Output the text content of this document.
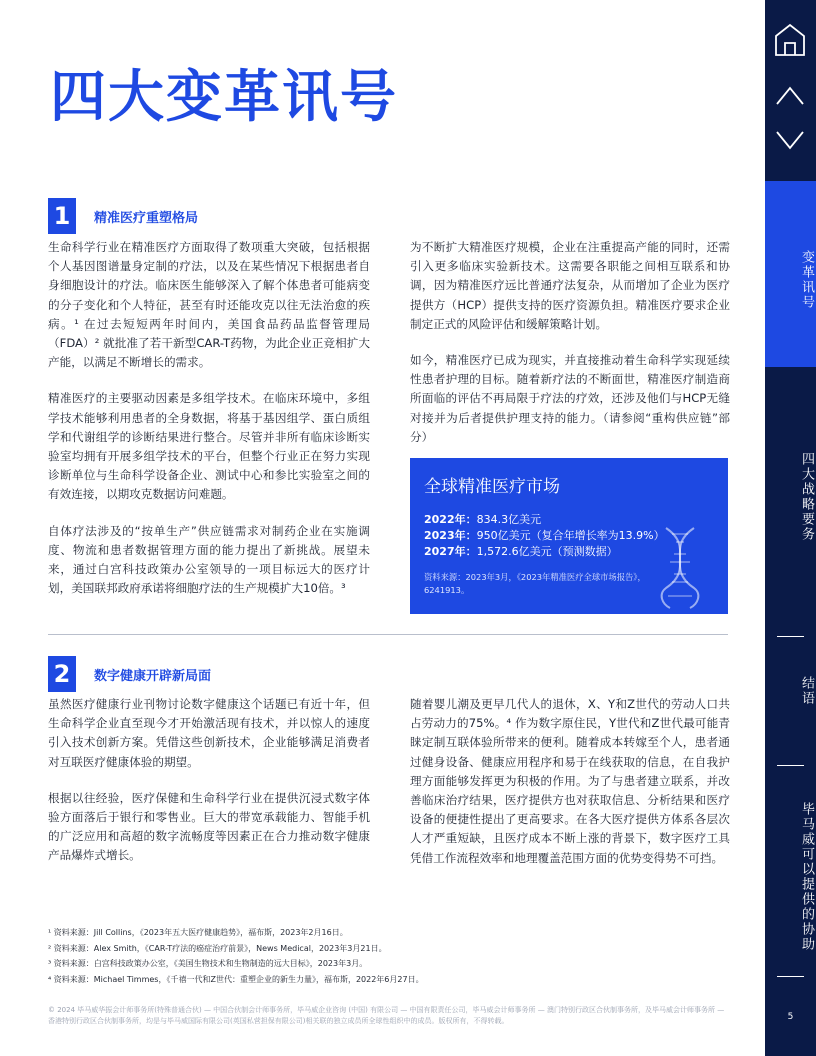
四大变革讯号
1	精准医疗重塑格局

生命科学行业在精准医疗方面取得了数项重大突破，包括根据个人基因图谱量身定制的疗法，以及在某些情况下根据患者自身细胞设计的疗法。临床医生能够深入了解个体患者可能病变的分子变化和个人特征，甚至有时还能攻克以往无法治愈的疾病。¹ 在过去短短两年时间内，美国食品药品监督管理局（FDA）² 就批准了若干新型CAR-T药物，为此企业正竞相扩大产能，以满足不断增长的需求。

精准医疗的主要驱动因素是多组学技术。在临床环境中，多组学技术能够利用患者的全身数据，将基于基因组学、蛋白质组学和代谢组学的诊断结果进行整合。尽管并非所有临床诊断实验室均拥有开展多组学技术的平台，但整个行业正在努力实现诊断单位与生命科学设备企业、测试中心和参比实验室之间的有效连接，以期攻克数据访问难题。

自体疗法涉及的“按单生产”供应链需求对制药企业在实施调度、物流和患者数据管理方面的能力提出了新挑战。展望未来，通过白宫科技政策办公室领导的一项目标远大的医疗计划，美国联邦政府承诺将细胞疗法的生产规模扩大10倍。³

为不断扩大精准医疗规模，企业在注重提高产能的同时，还需引入更多临床实验新技术。这需要各职能之间相互联系和协调，因为精准医疗远比普通疗法复杂，从而增加了企业为医疗提供方（HCP）提供支持的医疗资源负担。精准医疗要求企业制定正式的风险评估和缓解策略计划。

如今，精准医疗已成为现实，并直接推动着生命科学实现延续性患者护理的目标。随着新疗法的不断面世，精准医疗制造商所面临的评估不再局限于疗法的疗效，还涉及他们与HCP无缝对接并为后者提供护理支持的能力。（请参阅“重构供应链”部分）

全球精准医疗市场
2022年：834.3亿美元
2023年：950亿美元（复合年增长率为13.9%）
2027年：1,572.6亿美元（预测数据）
资料来源：2023年3月，《2023年精准医疗全球市场报告》，6241913。
2	数字健康开辟新局面

虽然医疗健康行业刊物讨论数字健康这个话题已有近十年，但生命科学企业直至现今才开始激活现有技术，并以惊人的速度引入技术创新方案。凭借这些创新技术，企业能够满足消费者对互联医疗健康体验的期望。

根据以往经验，医疗保健和生命科学行业在提供沉浸式数字体验方面落后于银行和零售业。巨大的带宽承载能力、智能手机的广泛应用和高超的数字流畅度等因素正在合力推动数字健康产品爆炸式增长。

随着婴儿潮及更早几代人的退休，X、Y和Z世代的劳动人口共占劳动力的75%。⁴ 作为数字原住民，Y世代和Z世代最可能青睐定制互联体验所带来的便利。随着成本转嫁至个人，患者通过健身设备、健康应用程序和易于在线获取的信息，在自我护理方面能够发挥更为积极的作用。为了与患者建立联系，并改善临床治疗结果，医疗提供方也对获取信息、分析结果和医疗设备的便捷性提出了更高要求。在各大医疗提供方体系各层次人才严重短缺，且医疗成本不断上涨的背景下，数字医疗工具凭借工作流程效率和地理覆盖范围方面的优势变得势不可挡。

¹ 资料来源：Jill Collins，《2023年五大医疗健康趋势》，福布斯，2023年2月16日。
² 资料来源：Alex Smith，《CAR-T疗法的癌症治疗前景》，News Medical，2023年3月21日。
³ 资料来源：白宫科技政策办公室，《美国生物技术和生物制造的远大目标》，2023年3月。
⁴ 资料来源：Michael Timmes，《千禧一代和Z世代：重塑企业的新生力量》，福布斯，2022年6月27日。
© 2024 毕马威华振会计师事务所(特殊普通合伙) — 中国合伙制会计师事务所，毕马威企业咨询 (中国) 有限公司 — 中国有限责任公司，毕马威会计师事务所 — 澳门特别行政区合伙制事务所，及毕马威会计师事务所 — 香港特别行政区合伙制事务所，均是与毕马威国际有限公司(英国私营担保有限公司)相关联的独立成员所全球性组织中的成员。版权所有，不得转载。
变革讯号
四大战略要务
结语
毕马威可以提供的协助
5
